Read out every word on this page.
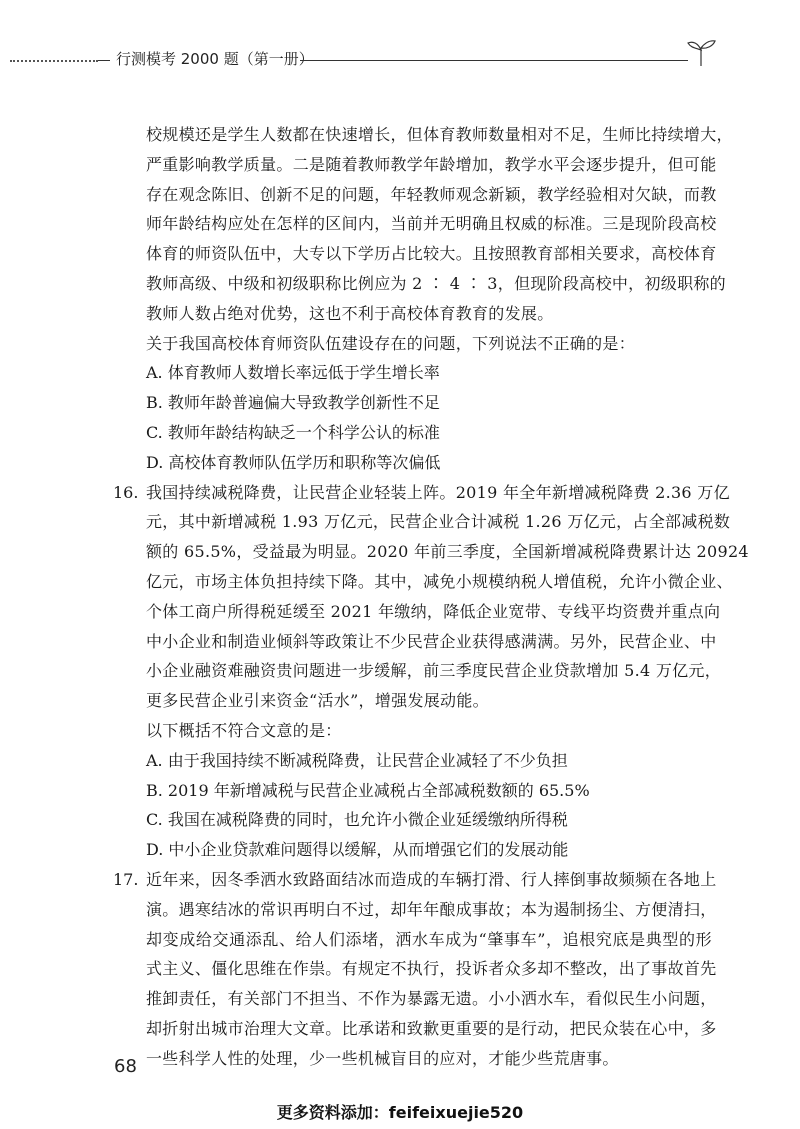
行测模考 2000 题（第一册）
校规模还是学生人数都在快速增长，但体育教师数量相对不足，生师比持续增大，
严重影响教学质量。二是随着教师教学年龄增加，教学水平会逐步提升，但可能
存在观念陈旧、创新不足的问题，年轻教师观念新颖，教学经验相对欠缺，而教
师年龄结构应处在怎样的区间内，当前并无明确且权威的标准。三是现阶段高校
体育的师资队伍中，大专以下学历占比较大。且按照教育部相关要求，高校体育
教师高级、中级和初级职称比例应为 2 ∶ 4 ∶ 3，但现阶段高校中，初级职称的
教师人数占绝对优势，这也不利于高校体育教育的发展。
关于我国高校体育师资队伍建设存在的问题，下列说法不正确的是：
A. 体育教师人数增长率远低于学生增长率
B. 教师年龄普遍偏大导致教学创新性不足
C. 教师年龄结构缺乏一个科学公认的标准
D. 高校体育教师队伍学历和职称等次偏低
16. 我国持续减税降费，让民营企业轻装上阵。2019 年全年新增减税降费 2.36 万亿
元，其中新增减税 1.93 万亿元，民营企业合计减税 1.26 万亿元，占全部减税数
额的 65.5%，受益最为明显。2020 年前三季度，全国新增减税降费累计达 20924
亿元，市场主体负担持续下降。其中，减免小规模纳税人增值税，允许小微企业、
个体工商户所得税延缓至 2021 年缴纳，降低企业宽带、专线平均资费并重点向
中小企业和制造业倾斜等政策让不少民营企业获得感满满。另外，民营企业、中
小企业融资难融资贵问题进一步缓解，前三季度民营企业贷款增加 5.4 万亿元，
更多民营企业引来资金“活水”，增强发展动能。
以下概括不符合文意的是：
A. 由于我国持续不断减税降费，让民营企业减轻了不少负担
B. 2019 年新增减税与民营企业减税占全部减税数额的 65.5%
C. 我国在减税降费的同时，也允许小微企业延缓缴纳所得税
D. 中小企业贷款难问题得以缓解，从而增强它们的发展动能
17. 近年来，因冬季洒水致路面结冰而造成的车辆打滑、行人摔倒事故频频在各地上
演。遇寒结冰的常识再明白不过，却年年酿成事故；本为遏制扬尘、方便清扫，
却变成给交通添乱、给人们添堵，洒水车成为“肇事车”，追根究底是典型的形
式主义、僵化思维在作祟。有规定不执行，投诉者众多却不整改，出了事故首先
推卸责任，有关部门不担当、不作为暴露无遗。小小洒水车，看似民生小问题，
却折射出城市治理大文章。比承诺和致歉更重要的是行动，把民众装在心中，多
一些科学人性的处理，少一些机械盲目的应对，才能少些荒唐事。
68
更多资料添加：feifeixuejie520
